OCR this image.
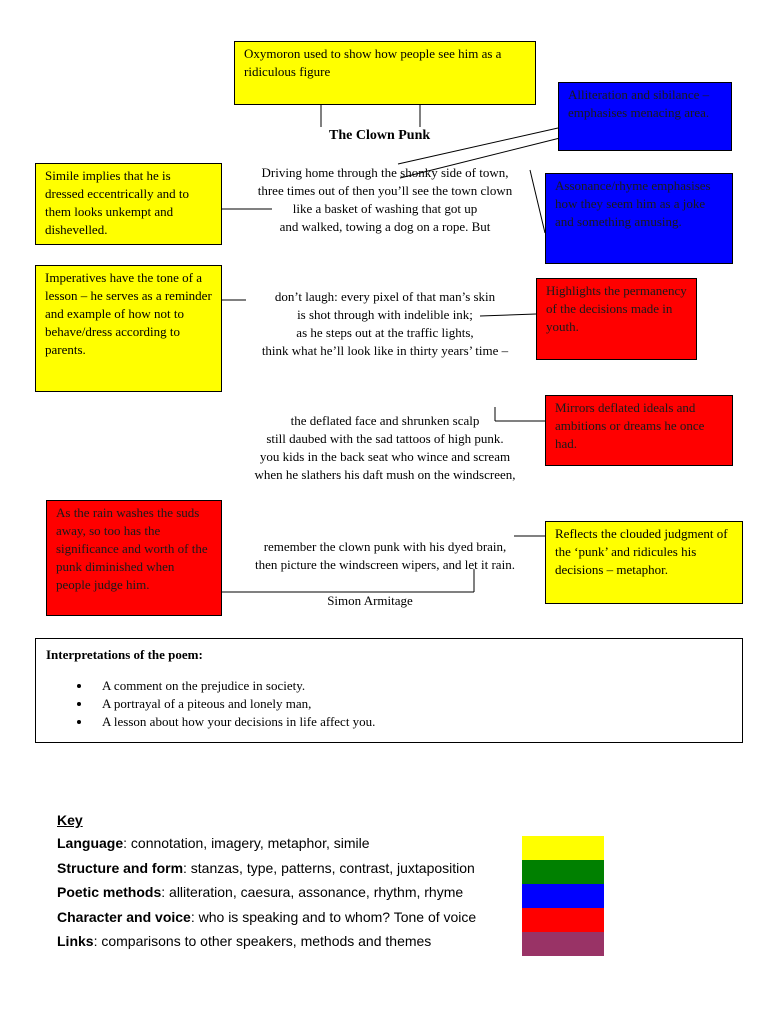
Oxymoron used to show how people see him as a ridiculous figure
Alliteration and sibilance – emphasises menacing area.
Simile implies that he is dressed eccentrically and to them looks unkempt and dishevelled.
Assonance/rhyme emphasises how they seem him as a joke and something amusing.
Imperatives have the tone of a lesson – he serves as a reminder and example of how not to behave/dress according to parents.
Highlights the permanency of the decisions made in youth.
Mirrors deflated ideals and ambitions or dreams he once had.
As the rain washes the suds away, so too has the significance and worth of the punk diminished when people judge him.
Reflects the clouded judgment of the ‘punk’ and ridicules his decisions – metaphor.
The Clown Punk
Driving home through the shonky side of town,
three times out of then you’ll see the town clown
like a basket of washing that got up
and walked, towing a dog on a rope. But
don’t laugh: every pixel of that man’s skin
is shot through with indelible ink;
as he steps out at the traffic lights,
think what he’ll look like in thirty years’ time –
the deflated face and shrunken scalp
still daubed with the sad tattoos of high punk.
you kids in the back seat who wince and scream
when he slathers his daft mush on the windscreen,
remember the clown punk with his dyed brain,
then picture the windscreen wipers, and let it rain.
Simon Armitage
Interpretations of the poem:
• A comment on the prejudice in society.
• A portrayal of a piteous and lonely man,
• A lesson about how your decisions in life affect you.
Key
Language: connotation, imagery, metaphor, simile
Structure and form: stanzas, type, patterns, contrast, juxtaposition
Poetic methods: alliteration, caesura, assonance, rhythm, rhyme
Character and voice: who is speaking and to whom? Tone of voice
Links: comparisons to other speakers, methods and themes
